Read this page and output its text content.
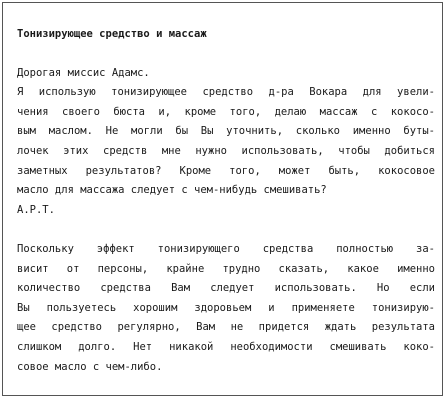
Тонизирующее средство и массаж
Дорогая миссис Адамс.
Я использую тонизирующее средство д-ра Вокара для увели-
чения своего бюста и, кроме того, делаю массаж с кокосо-
вым маслом. Не могли бы Вы уточнить, сколько именно буты-
лочек этих средств мне нужно использовать, чтобы добиться
заметных результатов? Кроме того, может быть, кокосовое
масло для массажа следует с чем-нибудь смешивать?
А.Р.Т.
Поскольку эффект тонизирующего средства полностью за-
висит от персоны, крайне трудно сказать, какое именно
количество средства Вам следует использовать. Но если
Вы пользуетесь хорошим здоровьем и применяете тонизирую-
щее средство регулярно, Вам не придется ждать результата
слишком долго. Нет никакой необходимости смешивать коко-
совое масло с чем-либо.
